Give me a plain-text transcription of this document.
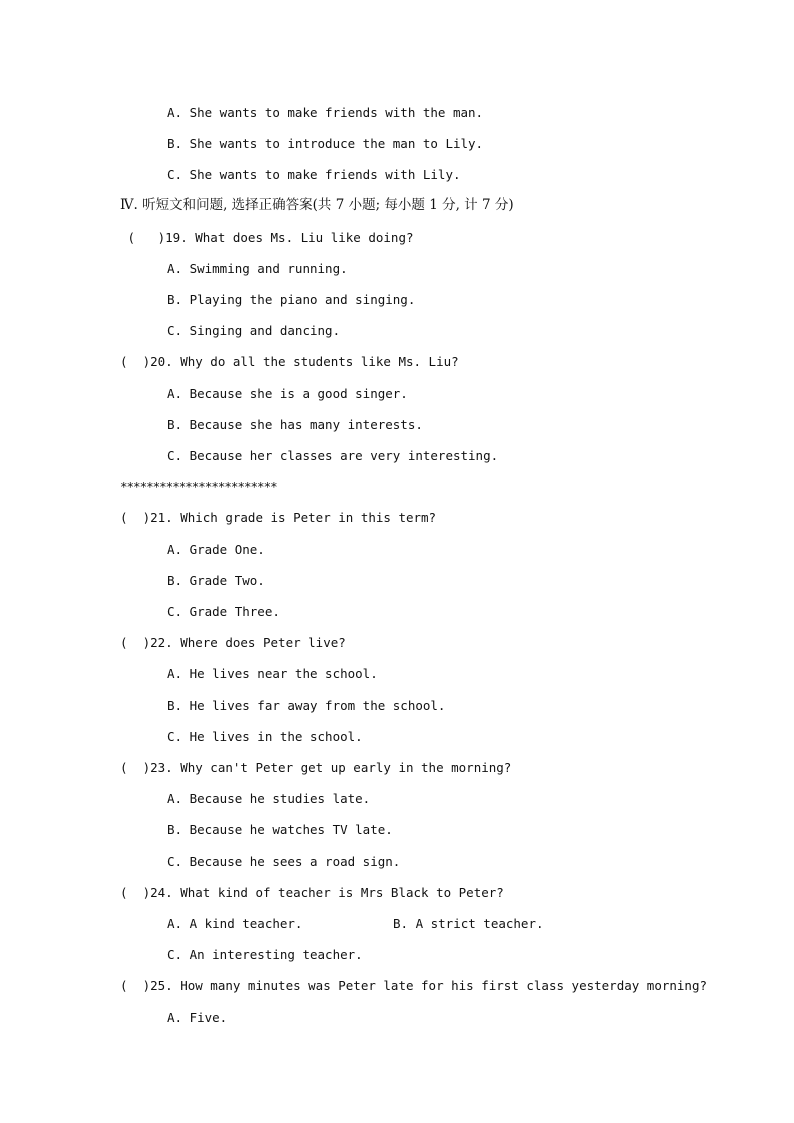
A. She wants to make friends with the man.
B. She wants to introduce the man to Lily.
C. She wants to make friends with Lily.
Ⅳ. 听短文和问题, 选择正确答案(共 7 小题; 每小题 1 分, 计 7 分)
(   )19. What does Ms. Liu like doing?
A. Swimming and running.
B. Playing the piano and singing.
C. Singing and dancing.
(  )20. Why do all the students like Ms. Liu?
A. Because she is a good singer.
B. Because she has many interests.
C. Because her classes are very interesting.
************************
(  )21. Which grade is Peter in this term?
A. Grade One.
B. Grade Two.
C. Grade Three.
(  )22. Where does Peter live?
A. He lives near the school.
B. He lives far away from the school.
C. He lives in the school.
(  )23. Why can't Peter get up early in the morning?
A. Because he studies late.
B. Because he watches TV late.
C. Because he sees a road sign.
(  )24. What kind of teacher is Mrs Black to Peter?
A. A kind teacher.	B. A strict teacher.
C. An interesting teacher.
(  )25. How many minutes was Peter late for his first class yesterday morning?
A. Five.
